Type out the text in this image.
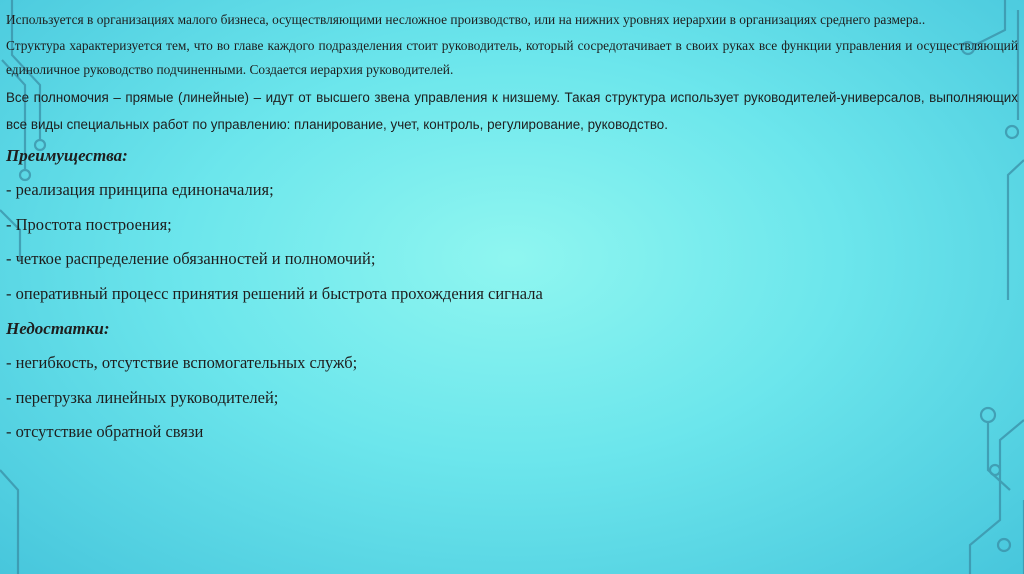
Используется в организациях малого бизнеса, осуществляющими несложное производство, или на нижних уровнях иерархии в организациях среднего размера..

Структура характеризуется тем, что во главе каждого подразделения стоит руководитель, который сосредотачивает в своих руках все функции управления и осуществляющий единоличное руководство подчиненными. Создается иерархия руководителей.

Все полномочия – прямые (линейные) – идут от высшего звена управления к низшему. Такая структура использует руководителей-универсалов, выполняющих все виды специальных работ по управлению: планирование, учет, контроль, регулирование, руководство.

Преимущества:

- реализация принципа единоначалия;

- Простота построения;

- четкое распределение обязанностей и полномочий;

- оперативный процесс принятия решений и быстрота прохождения сигнала

Недостатки:

- негибкость, отсутствие вспомогательных служб;

- перегрузка линейных руководителей;

- отсутствие обратной связи
